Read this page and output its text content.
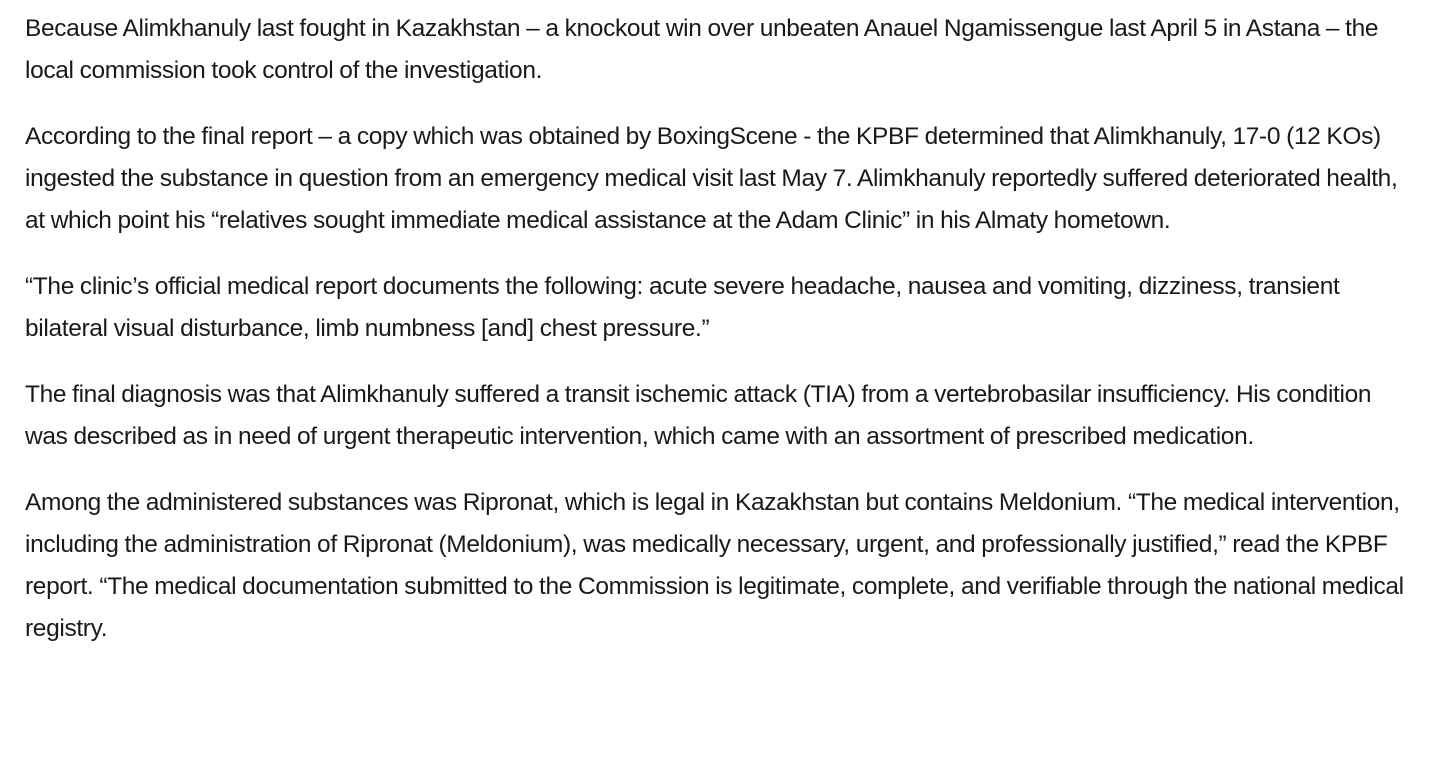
Because Alimkhanuly last fought in Kazakhstan – a knockout win over unbeaten Anauel Ngamissengue last April 5 in Astana – the local commission took control of the investigation.

According to the final report – a copy which was obtained by BoxingScene - the KPBF determined that Alimkhanuly, 17-0 (12 KOs) ingested the substance in question from an emergency medical visit last May 7. Alimkhanuly reportedly suffered deteriorated health, at which point his “relatives sought immediate medical assistance at the Adam Clinic” in his Almaty hometown.

“The clinic’s official medical report documents the following: acute severe headache, nausea and vomiting, dizziness, transient bilateral visual disturbance, limb numbness [and] chest pressure.”

The final diagnosis was that Alimkhanuly suffered a transit ischemic attack (TIA) from a vertebrobasilar insufficiency. His condition was described as in need of urgent therapeutic intervention, which came with an assortment of prescribed medication.

Among the administered substances was Ripronat, which is legal in Kazakhstan but contains Meldonium. “The medical intervention, including the administration of Ripronat (Meldonium), was medically necessary, urgent, and professionally justified,” read the KPBF report. “The medical documentation submitted to the Commission is legitimate, complete, and verifiable through the national medical registry.
